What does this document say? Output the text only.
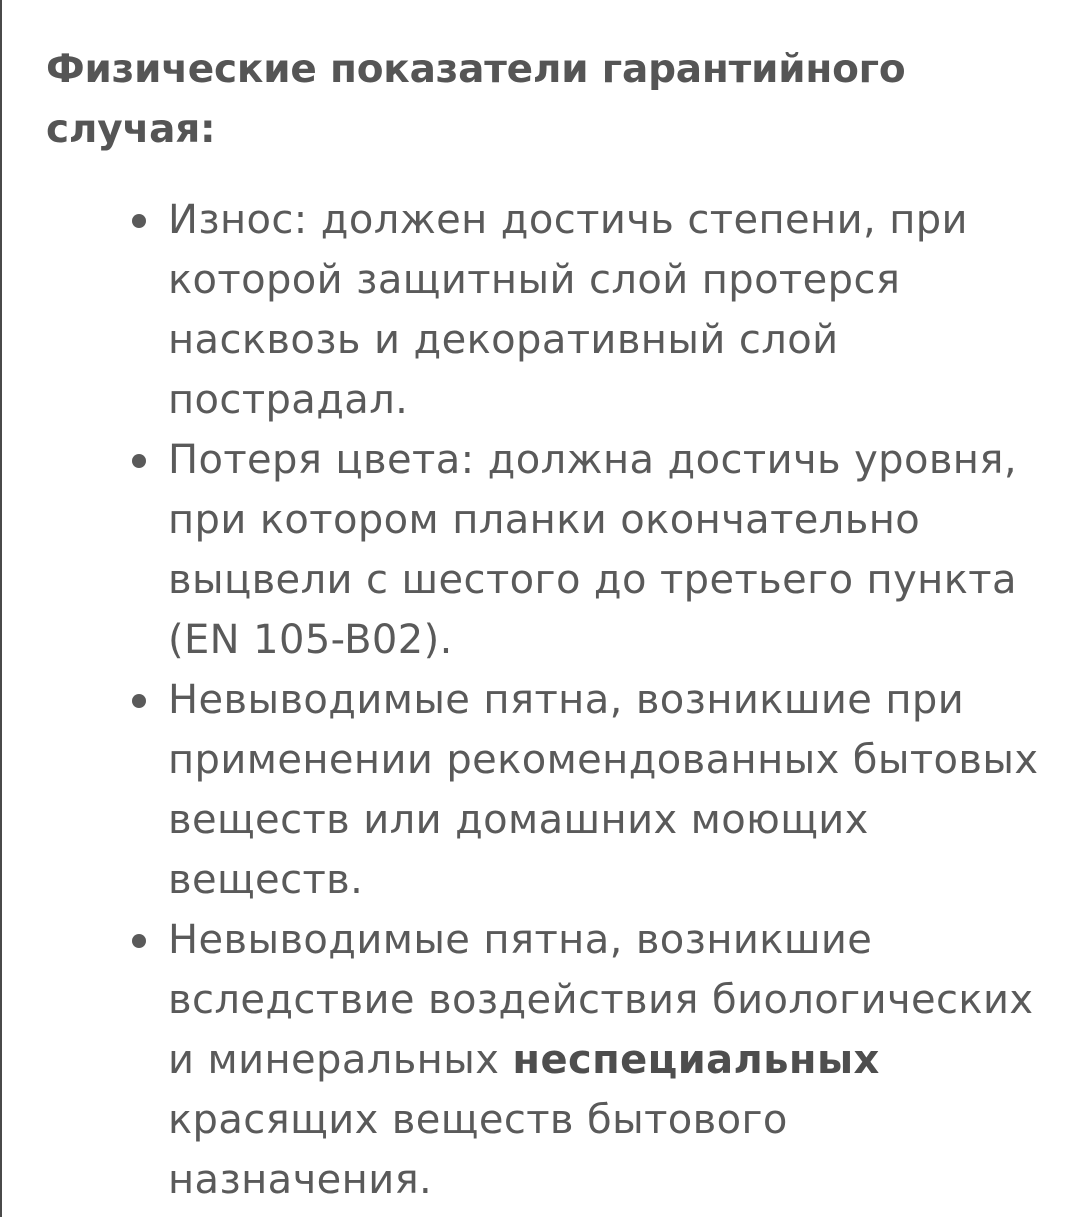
Физические показатели гарантийного случая:
Износ: должен достичь степени, при которой защитный слой протерся насквозь и декоративный слой пострадал.
Потеря цвета: должна достичь уровня, при котором планки окончательно выцвели с шестого до третьего пункта (EN 105-B02).
Невыводимые пятна, возникшие при применении рекомендованных бытовых веществ или домашних моющих веществ.
Невыводимые пятна, возникшие вследствие воздействия биологических и минеральных неспециальных красящих веществ бытового назначения.
